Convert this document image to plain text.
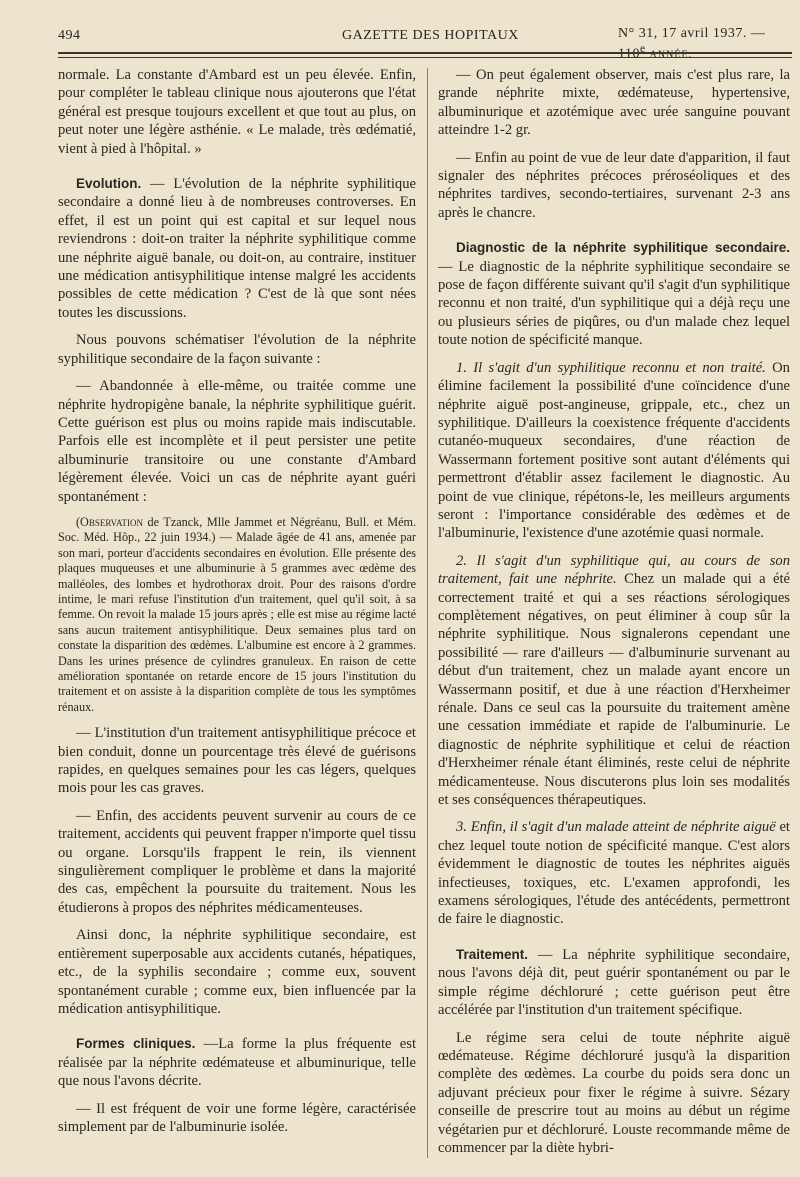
494	GAZETTE DES HOPITAUX	N° 31, 17 avril 1937. — 110e ANNÉE.

normale. La constante d'Ambard est un peu élevée. Enfin, pour compléter le tableau clinique nous ajouterons que l'état général est presque toujours excellent et que tout au plus, on peut noter une légère asthénie. « Le malade, très œdématié, vient à pied à l'hôpital. »

Evolution. — L'évolution de la néphrite syphilitique secondaire a donné lieu à de nombreuses controverses. En effet, il est un point qui est capital et sur lequel nous reviendrons : doit-on traiter la néphrite syphilitique comme une néphrite aiguë banale, ou doit-on, au contraire, instituer une médication antisyphilitique intense malgré les accidents possibles de cette médication ? C'est de là que sont nées toutes les discussions.

Nous pouvons schématiser l'évolution de la néphrite syphilitique secondaire de la façon suivante :

— Abandonnée à elle-même, ou traitée comme une néphrite hydropigène banale, la néphrite syphilitique guérit. Cette guérison est plus ou moins rapide mais indiscutable. Parfois elle est incomplète et il peut persister une petite albuminurie transitoire ou une constante d'Ambard légèrement élevée. Voici un cas de néphrite ayant guéri spontanément :

(Observation de Tzanck, Mlle Jammet et Négréanu, Bull. et Mém. Soc. Méd. Hôp., 22 juin 1934.) — Malade âgée de 41 ans, amenée par son mari, porteur d'accidents secondaires en évolution. Elle présente des plaques muqueuses et une albuminurie à 5 grammes avec œdème des malléoles, des lombes et hydrothorax droit. Pour des raisons d'ordre intime, le mari refuse l'institution d'un traitement, quel qu'il soit, à sa femme. On revoit la malade 15 jours après ; elle est mise au régime lacté sans aucun traitement antisyphilitique. Deux semaines plus tard on constate la disparition des œdèmes. L'albumine est encore à 2 grammes. Dans les urines présence de cylindres granuleux. En raison de cette amélioration spontanée on retarde encore de 15 jours l'institution du traitement et on assiste à la disparition complète de tous les symptômes rénaux.

— L'institution d'un traitement antisyphilitique précoce et bien conduit, donne un pourcentage très élevé de guérisons rapides, en quelques semaines pour les cas légers, quelques mois pour les cas graves.

— Enfin, des accidents peuvent survenir au cours de ce traitement, accidents qui peuvent frapper n'importe quel tissu ou organe. Lorsqu'ils frappent le rein, ils viennent singulièrement compliquer le problème et dans la majorité des cas, empêchent la poursuite du traitement. Nous les étudierons à propos des néphrites médicamenteuses.

Ainsi donc, la néphrite syphilitique secondaire, est entièrement superposable aux accidents cutanés, hépatiques, etc., de la syphilis secondaire ; comme eux, souvent spontanément curable ; comme eux, bien influencée par la médication antisyphilitique.

Formes cliniques. —La forme la plus fréquente est réalisée par la néphrite œdémateuse et albuminurique, telle que nous l'avons décrite.

— Il est fréquent de voir une forme légère, caractérisée simplement par de l'albuminurie isolée.

— On peut également observer, mais c'est plus rare, la grande néphrite mixte, œdémateuse, hypertensive, albuminurique et azotémique avec urée sanguine pouvant atteindre 1-2 gr.

— Enfin au point de vue de leur date d'apparition, il faut signaler des néphrites précoces préroséoliques et des néphrites tardives, secondo-tertiaires, survenant 2-3 ans après le chancre.

Diagnostic de la néphrite syphilitique secondaire. — Le diagnostic de la néphrite syphilitique secondaire se pose de façon différente suivant qu'il s'agit d'un syphilitique reconnu et non traité, d'un syphilitique qui a déjà reçu une ou plusieurs séries de piqûres, ou d'un malade chez lequel toute notion de spécificité manque.

1. Il s'agit d'un syphilitique reconnu et non traité. On élimine facilement la possibilité d'une coïncidence d'une néphrite aiguë post-angineuse, grippale, etc., chez un syphilitique. D'ailleurs la coexistence fréquente d'accidents cutanéo-muqueux secondaires, d'une réaction de Wassermann fortement positive sont autant d'éléments qui permettront d'établir assez facilement le diagnostic. Au point de vue clinique, répétons-le, les meilleurs arguments seront : l'importance considérable des œdèmes et de l'albuminurie, l'existence d'une azotémie quasi normale.

2. Il s'agit d'un syphilitique qui, au cours de son traitement, fait une néphrite. Chez un malade qui a été correctement traité et qui a ses réactions sérologiques complètement négatives, on peut éliminer à coup sûr la néphrite syphilitique. Nous signalerons cependant une possibilité — rare d'ailleurs — d'albuminurie survenant au début d'un traitement, chez un malade ayant encore un Wassermann positif, et due à une réaction d'Herxheimer rénale. Dans ce seul cas la poursuite du traitement amène une cessation immédiate et rapide de l'albuminurie. Le diagnostic de néphrite syphilitique et celui de réaction d'Herxheimer rénale étant éliminés, reste celui de néphrite médicamenteuse. Nous discuterons plus loin ses modalités et ses conséquences thérapeutiques.

3. Enfin, il s'agit d'un malade atteint de néphrite aiguë et chez lequel toute notion de spécificité manque. C'est alors évidemment le diagnostic de toutes les néphrites aiguës infectieuses, toxiques, etc. L'examen approfondi, les examens sérologiques, l'étude des antécédents, permettront de faire le diagnostic.

Traitement. — La néphrite syphilitique secondaire, nous l'avons déjà dit, peut guérir spontanément ou par le simple régime déchloruré ; cette guérison peut être accélérée par l'institution d'un traitement spécifique.

Le régime sera celui de toute néphrite aiguë œdémateuse. Régime déchloruré jusqu'à la disparition complète des œdèmes. La courbe du poids sera donc un adjuvant précieux pour fixer le régime à suivre. Sézary conseille de prescrire tout au moins au début un régime végétarien pur et déchloruré. Louste recommande même de commencer par la diète hybri-
